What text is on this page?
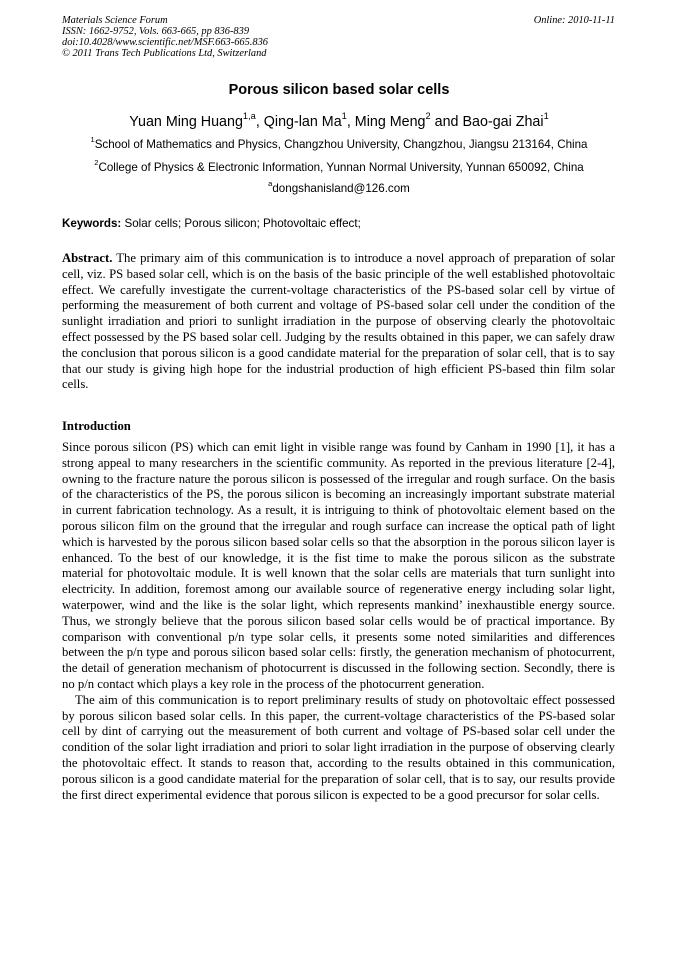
Materials Science Forum
ISSN: 1662-9752, Vols. 663-665, pp 836-839
doi:10.4028/www.scientific.net/MSF.663-665.836
© 2011 Trans Tech Publications Ltd, Switzerland
Online: 2010-11-11
Porous silicon based solar cells
Yuan Ming Huang$^{1,a}$, Qing-lan Ma$^1$, Ming Meng$^2$ and Bao-gai Zhai$^1$
$^1$School of Mathematics and Physics, Changzhou University, Changzhou, Jiangsu 213164, China
$^2$College of Physics & Electronic Information, Yunnan Normal University, Yunnan 650092, China
$^a$dongshanisland@126.com
Keywords: Solar cells; Porous silicon; Photovoltaic effect;
Abstract. The primary aim of this communication is to introduce a novel approach of preparation of solar cell, viz. PS based solar cell, which is on the basis of the basic principle of the well established photovoltaic effect. We carefully investigate the current-voltage characteristics of the PS-based solar cell by virtue of performing the measurement of both current and voltage of PS-based solar cell under the condition of the sunlight irradiation and priori to sunlight irradiation in the purpose of observing clearly the photovoltaic effect possessed by the PS based solar cell. Judging by the results obtained in this paper, we can safely draw the conclusion that porous silicon is a good candidate material for the preparation of solar cell, that is to say that our study is giving high hope for the industrial production of high efficient PS-based thin film solar cells.
Introduction

Since porous silicon (PS) which can emit light in visible range was found by Canham in 1990 [1], it has a strong appeal to many researchers in the scientific community. As reported in the previous literature [2-4], owning to the fracture nature the porous silicon is possessed of the irregular and rough surface. On the basis of the characteristics of the PS, the porous silicon is becoming an increasingly important substrate material in current fabrication technology. As a result, it is intriguing to think of photovoltaic element based on the porous silicon film on the ground that the irregular and rough surface can increase the optical path of light which is harvested by the porous silicon based solar cells so that the absorption in the porous silicon layer is enhanced. To the best of our knowledge, it is the fist time to make the porous silicon as the substrate material for photovoltaic module. It is well known that the solar cells are materials that turn sunlight into electricity. In addition, foremost among our available source of regenerative energy including solar light, waterpower, wind and the like is the solar light, which represents mankind’ inexhaustible energy source. Thus, we strongly believe that the porous silicon based solar cells would be of practical importance. By comparison with conventional p/n type solar cells, it presents some noted similarities and differences between the p/n type and porous silicon based solar cells: firstly, the generation mechanism of photocurrent, the detail of generation mechanism of photocurrent is discussed in the following section. Secondly, there is no p/n contact which plays a key role in the process of the photocurrent generation.

The aim of this communication is to report preliminary results of study on photovoltaic effect possessed by porous silicon based solar cells. In this paper, the current-voltage characteristics of the PS-based solar cell by dint of carrying out the measurement of both current and voltage of PS-based solar cell under the condition of the solar light irradiation and priori to solar light irradiation in the purpose of observing clearly the photovoltaic effect. It stands to reason that, according to the results obtained in this communication, porous silicon is a good candidate material for the preparation of solar cell, that is to say, our results provide the first direct experimental evidence that porous silicon is expected to be a good precursor for solar cells.
